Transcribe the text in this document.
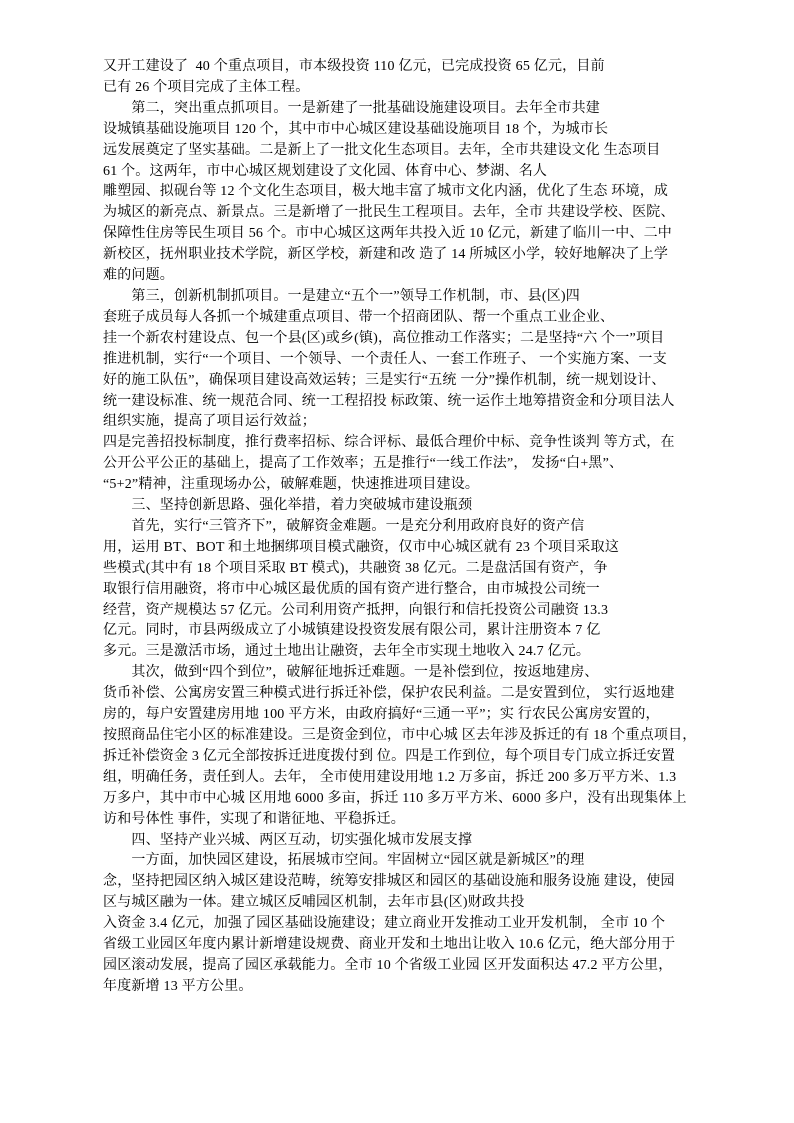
又开工建设了  40 个重点项目，市本级投资 110 亿元，已完成投资 65 亿元，目前
已有 26 个项目完成了主体工程。
　　第二，突出重点抓项目。一是新建了一批基础设施建设项目。去年全市共建
设城镇基础设施项目 120 个，其中市中心城区建设基础设施项目 18 个，为城市长
远发展奠定了坚实基础。二是新上了一批文化生态项目。去年，全市共建设文化 生态项目
61 个。这两年，市中心城区规划建设了文化园、体育中心、梦湖、名人
雕塑园、拟砚台等 12 个文化生态项目，极大地丰富了城市文化内涵，优化了生态 环境，成
为城区的新亮点、新景点。三是新增了一批民生工程项目。去年，全市 共建设学校、医院、
保障性住房等民生项目 56 个。市中心城区这两年共投入近 10 亿元，新建了临川一中、二中
新校区，抚州职业技术学院，新区学校，新建和改 造了 14 所城区小学，较好地解决了上学
难的问题。
　　第三，创新机制抓项目。一是建立“五个一”领导工作机制，市、县(区)四
套班子成员每人各抓一个城建重点项目、带一个招商团队、帮一个重点工业企业、
挂一个新农村建设点、包一个县(区)或乡(镇)，高位推动工作落实；二是坚持“六 个一”项目
推进机制，实行“一个项目、一个领导、一个责任人、一套工作班子、 一个实施方案、一支
好的施工队伍”，确保项目建设高效运转；三是实行“五统 一分”操作机制，统一规划设计、
统一建设标准、统一规范合同、统一工程招投 标政策、统一运作土地筹措资金和分项目法人
组织实施，提高了项目运行效益；
四是完善招投标制度，推行费率招标、综合评标、最低合理价中标、竞争性谈判 等方式，在
公开公平公正的基础上，提高了工作效率；五是推行“一线工作法”， 发扬“白+黑”、
“5+2”精神，注重现场办公，破解难题，快速推进项目建设。
　　三、坚持创新思路、强化举措，着力突破城市建设瓶颈
　　首先，实行“三管齐下”，破解资金难题。一是充分利用政府良好的资产信
用，运用 BT、BOT 和土地捆绑项目模式融资，仅市中心城区就有 23 个项目采取这
些模式(其中有 18 个项目采取 BT 模式)，共融资 38 亿元。二是盘活国有资产，争
取银行信用融资，将市中心城区最优质的国有资产进行整合，由市城投公司统一
经营，资产规模达 57 亿元。公司利用资产抵押，向银行和信托投资公司融资 13.3
亿元。同时，市县两级成立了小城镇建设投资发展有限公司，累计注册资本 7 亿
多元。三是激活市场，通过土地出让融资，去年全市实现土地收入 24.7 亿元。
　　其次，做到“四个到位”，破解征地拆迁难题。一是补偿到位，按返地建房、
货币补偿、公寓房安置三种模式进行拆迁补偿，保护农民利益。二是安置到位， 实行返地建
房的，每户安置建房用地 100 平方米，由政府搞好“三通一平”；实 行农民公寓房安置的，
按照商品住宅小区的标准建设。三是资金到位，市中心城 区去年涉及拆迁的有 18 个重点项目，
拆迁补偿资金 3 亿元全部按拆迁进度拨付到 位。四是工作到位，每个项目专门成立拆迁安置
组，明确任务，责任到人。去年， 全市使用建设用地 1.2 万多亩，拆迁 200 多万平方米、1.3
万多户，其中市中心城 区用地 6000 多亩，拆迁 110 多万平方米、6000 多户，没有出现集体上
访和号体性 事件，实现了和谐征地、平稳拆迁。
　　四、坚持产业兴城、两区互动，切实强化城市发展支撑
　　一方面，加快园区建设，拓展城市空间。牢固树立“园区就是新城区”的理
念，坚持把园区纳入城区建设范畴，统筹安排城区和园区的基础设施和服务设施 建设，使园
区与城区融为一体。建立城区反哺园区机制，去年市县(区)财政共投
入资金 3.4 亿元，加强了园区基础设施建设；建立商业开发推动工业开发机制， 全市 10 个
省级工业园区年度内累计新增建设规费、商业开发和土地出让收入 10.6 亿元，绝大部分用于
园区滚动发展，提高了园区承载能力。全市 10 个省级工业园 区开发面积达 47.2 平方公里，
年度新增 13 平方公里。
